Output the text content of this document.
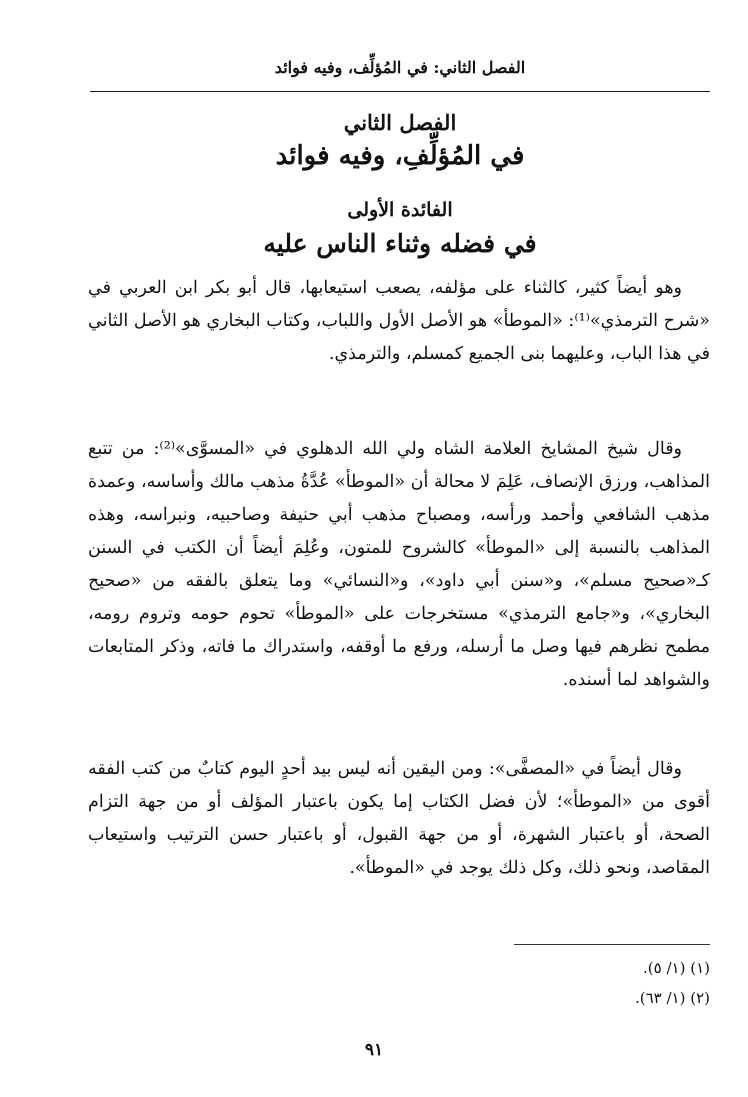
الفصل الثاني: في المُؤلِّف، وفيه فوائد
الفصل الثاني
في المُؤلِّفِ، وفيه فوائد
الفائدة الأولى
في فضله وثناء الناس عليه

وهو أيضاً كثير، كالثناء على مؤلفه، يصعب استيعابها، قال أبو بكر ابن العربي في «شرح الترمذي»⁽¹⁾: «الموطأ» هو الأصل الأول واللباب، وكتاب البخاري هو الأصل الثاني في هذا الباب، وعليهما بنى الجميع كمسلم، والترمذي.

وقال شيخ المشايخ العلامة الشاه ولي الله الدهلوي في «المسوَّى»⁽²⁾: من تتبع المذاهب، ورزق الإنصاف، عَلِمَ لا محالة أن «الموطأ» عُدَّةُ مذهب مالك وأساسه، وعمدة مذهب الشافعي وأحمد ورأسه، ومصباح مذهب أبي حنيفة وصاحبيه، ونبراسه، وهذه المذاهب بالنسبة إلى «الموطأ» كالشروح للمتون، وعُلِمَ أيضاً أن الكتب في السنن كـ«صحيح مسلم»، و«سنن أبي داود»، و«النسائي» وما يتعلق بالفقه من «صحيح البخاري»، و«جامع الترمذي» مستخرجات على «الموطأ» تحوم حومه وتروم رومه، مطمح نظرهم فيها وصل ما أرسله، ورفع ما أوقفه، واستدراك ما فاته، وذكر المتابعات والشواهد لما أسنده.

وقال أيضاً في «المصفَّى»: ومن اليقين أنه ليس بيد أحدٍ اليوم كتابٌ من كتب الفقه أقوى من «الموطأ»؛ لأن فضل الكتاب إما يكون باعتبار المؤلف أو من جهة التزام الصحة، أو باعتبار الشهرة، أو من جهة القبول، أو باعتبار حسن الترتيب واستيعاب المقاصد، ونحو ذلك، وكل ذلك يوجد في «الموطأ».

(١) (١/ ٥).
(٢) (١/ ٦٣).
٩١
